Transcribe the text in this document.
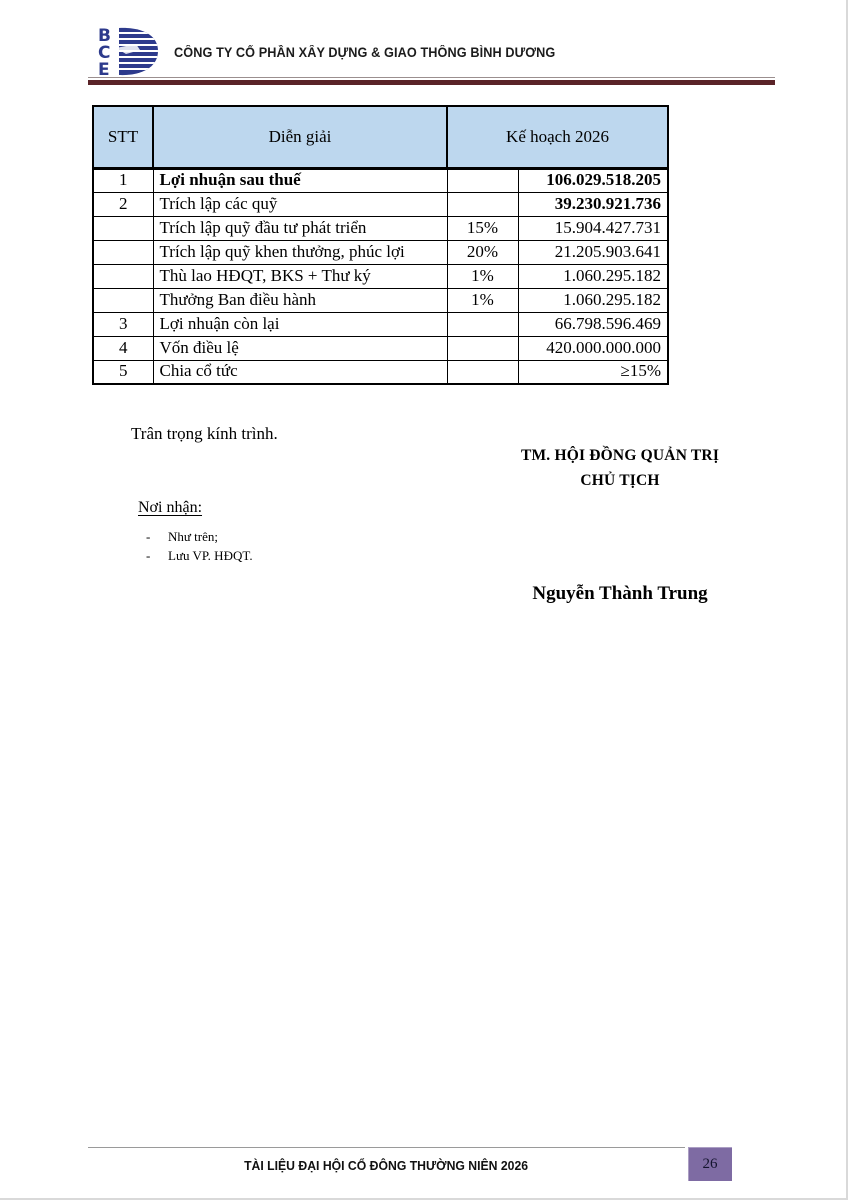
B
C
E
CÔNG TY CỔ PHẦN XÂY DỰNG & GIAO THÔNG BÌNH DƯƠNG
STT	Diễn giải	Kế hoạch 2026	
1	Lợi nhuận sau thuế		106.029.518.205
2	Trích lập các quỹ		39.230.921.736
	Trích lập quỹ đầu tư phát triển	15%	15.904.427.731
	Trích lập quỹ khen thưởng, phúc lợi	20%	21.205.903.641
	Thù lao HĐQT, BKS + Thư ký	1%	1.060.295.182
	Thưởng Ban điều hành	1%	1.060.295.182
3	Lợi nhuận còn lại		66.798.596.469
4	Vốn điều lệ		420.000.000.000
5	Chia cổ tức		≥15%
Trân trọng kính trình.
TM. HỘI ĐỒNG QUẢN TRỊ
CHỦ TỊCH
Nguyễn Thành Trung
Nơi nhận:
-	Như trên;
-	Lưu VP. HĐQT.
TÀI LIỆU ĐẠI HỘI CỔ ĐÔNG THƯỜNG NIÊN 2026	26
